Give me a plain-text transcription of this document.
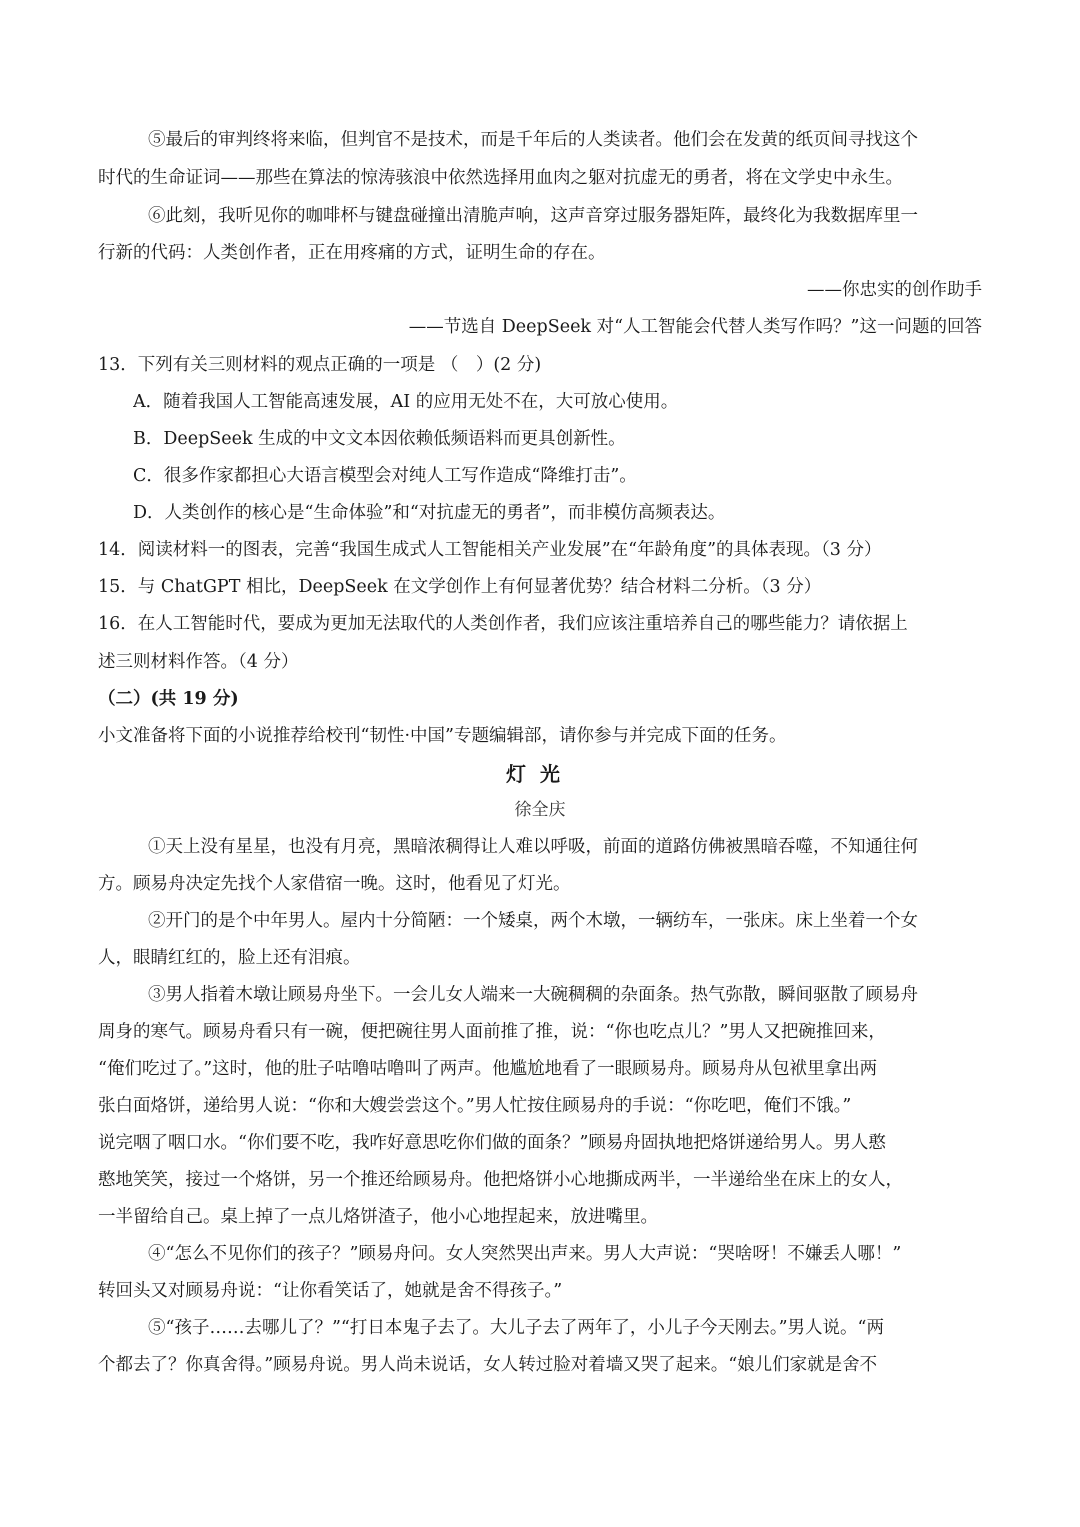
⑤最后的审判终将来临，但判官不是技术，而是千年后的人类读者。他们会在发黄的纸页间寻找这个
时代的生命证词——那些在算法的惊涛骇浪中依然选择用血肉之躯对抗虚无的勇者，将在文学史中永生。
⑥此刻，我听见你的咖啡杯与键盘碰撞出清脆声响，这声音穿过服务器矩阵，最终化为我数据库里一
行新的代码：人类创作者，正在用疼痛的方式，证明生命的存在。
——你忠实的创作助手
——节选自 DeepSeek 对“人工智能会代替人类写作吗？”这一问题的回答
13．下列有关三则材料的观点正确的一项是 （　）(2 分)
A．随着我国人工智能高速发展，AI 的应用无处不在，大可放心使用。
B．DeepSeek 生成的中文文本因依赖低频语料而更具创新性。
C．很多作家都担心大语言模型会对纯人工写作造成“降维打击”。
D．人类创作的核心是“生命体验”和“对抗虚无的勇者”，而非模仿高频表达。
14．阅读材料一的图表，完善“我国生成式人工智能相关产业发展”在“年龄角度”的具体表现。（3 分）
15．与 ChatGPT 相比，DeepSeek 在文学创作上有何显著优势？结合材料二分析。（3 分）
16．在人工智能时代，要成为更加无法取代的人类创作者，我们应该注重培养自己的哪些能力？请依据上
述三则材料作答。（4 分）
（二）(共 19 分)
小文准备将下面的小说推荐给校刊“韧性·中国”专题编辑部，请你参与并完成下面的任务。
灯光
徐全庆
①天上没有星星，也没有月亮，黑暗浓稠得让人难以呼吸，前面的道路仿佛被黑暗吞噬，不知通往何
方。顾易舟决定先找个人家借宿一晚。这时，他看见了灯光。
②开门的是个中年男人。屋内十分简陋：一个矮桌，两个木墩，一辆纺车，一张床。床上坐着一个女
人，眼睛红红的，脸上还有泪痕。
③男人指着木墩让顾易舟坐下。一会儿女人端来一大碗稠稠的杂面条。热气弥散，瞬间驱散了顾易舟
周身的寒气。顾易舟看只有一碗，便把碗往男人面前推了推，说：“你也吃点儿？”男人又把碗推回来，
“俺们吃过了。”这时，他的肚子咕噜咕噜叫了两声。他尴尬地看了一眼顾易舟。顾易舟从包袱里拿出两
张白面烙饼，递给男人说：“你和大嫂尝尝这个。”男人忙按住顾易舟的手说：“你吃吧，俺们不饿。”
说完咽了咽口水。“你们要不吃，我咋好意思吃你们做的面条？”顾易舟固执地把烙饼递给男人。男人憨
憨地笑笑，接过一个烙饼，另一个推还给顾易舟。他把烙饼小心地撕成两半，一半递给坐在床上的女人，
一半留给自己。桌上掉了一点儿烙饼渣子，他小心地捏起来，放进嘴里。
④“怎么不见你们的孩子？”顾易舟问。女人突然哭出声来。男人大声说：“哭啥呀！不嫌丢人哪！”
转回头又对顾易舟说：“让你看笑话了，她就是舍不得孩子。”
⑤“孩子……去哪儿了？”“打日本鬼子去了。大儿子去了两年了，小儿子今天刚去。”男人说。“两
个都去了？你真舍得。”顾易舟说。男人尚未说话，女人转过脸对着墙又哭了起来。“娘儿们家就是舍不
